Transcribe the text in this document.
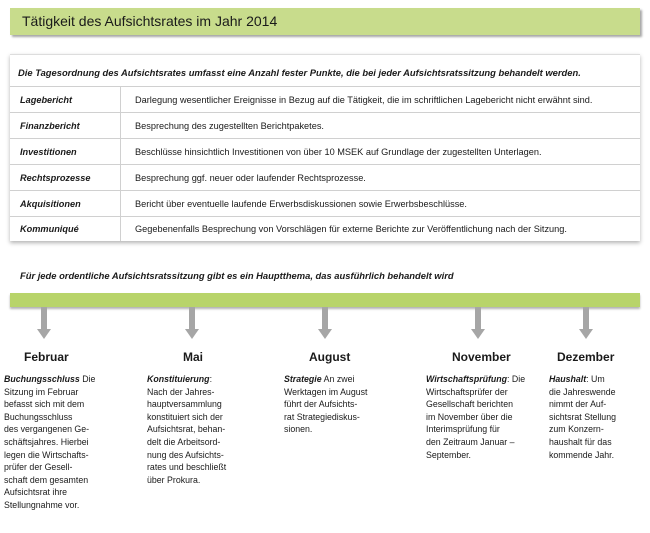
Tätigkeit des Aufsichtsrates im Jahr 2014
Die Tagesordnung des Aufsichtsrates umfasst eine Anzahl fester Punkte, die bei jeder Aufsichtsratssitzung behandelt werden.
Lagebericht	Darlegung wesentlicher Ereignisse in Bezug auf die Tätigkeit, die im schriftlichen Lagebericht nicht erwähnt sind.
Finanzbericht	Besprechung des zugestellten Berichtpaketes.
Investitionen	Beschlüsse hinsichtlich Investitionen von über 10 MSEK auf Grundlage der zugestellten Unterlagen.
Rechtsprozesse	Besprechung ggf. neuer oder laufender Rechtsprozesse.
Akquisitionen	Bericht über eventuelle laufende Erwerbsdiskussionen sowie Erwerbsbeschlüsse.
Kommuniqué	Gegebenenfalls Besprechung von Vorschlägen für externe Berichte zur Veröffentlichung nach der Sitzung.
Für jede ordentliche Aufsichtsratssitzung gibt es ein Hauptthema, das ausführlich behandelt wird
Februar	Mai	August	November	Dezember
Buchungsschluss Die
Sitzung im Februar
befasst sich mit dem
Buchungsschluss
des vergangenen Ge-
schäftsjahres. Hierbei
legen die Wirtschafts-
prüfer der Gesell-
schaft dem gesamten
Aufsichtsrat ihre
Stellungnahme vor.
Konstituierung:
Nach der Jahres-
hauptversammlung
konstituiert sich der
Aufsichtsrat, behan-
delt die Arbeitsord-
nung des Aufsichts-
rates und beschließt
über Prokura.
Strategie An zwei
Werktagen im August
führt der Aufsichts-
rat Strategiediskus-
sionen.
Wirtschaftsprüfung: Die
Wirtschaftsprüfer der
Gesellschaft berichten
im November über die
Interimsprüfung für
den Zeitraum Januar –
September.
Haushalt: Um
die Jahreswende
nimmt der Auf-
sichtsrat Stellung
zum Konzern-
haushalt für das
kommende Jahr.
